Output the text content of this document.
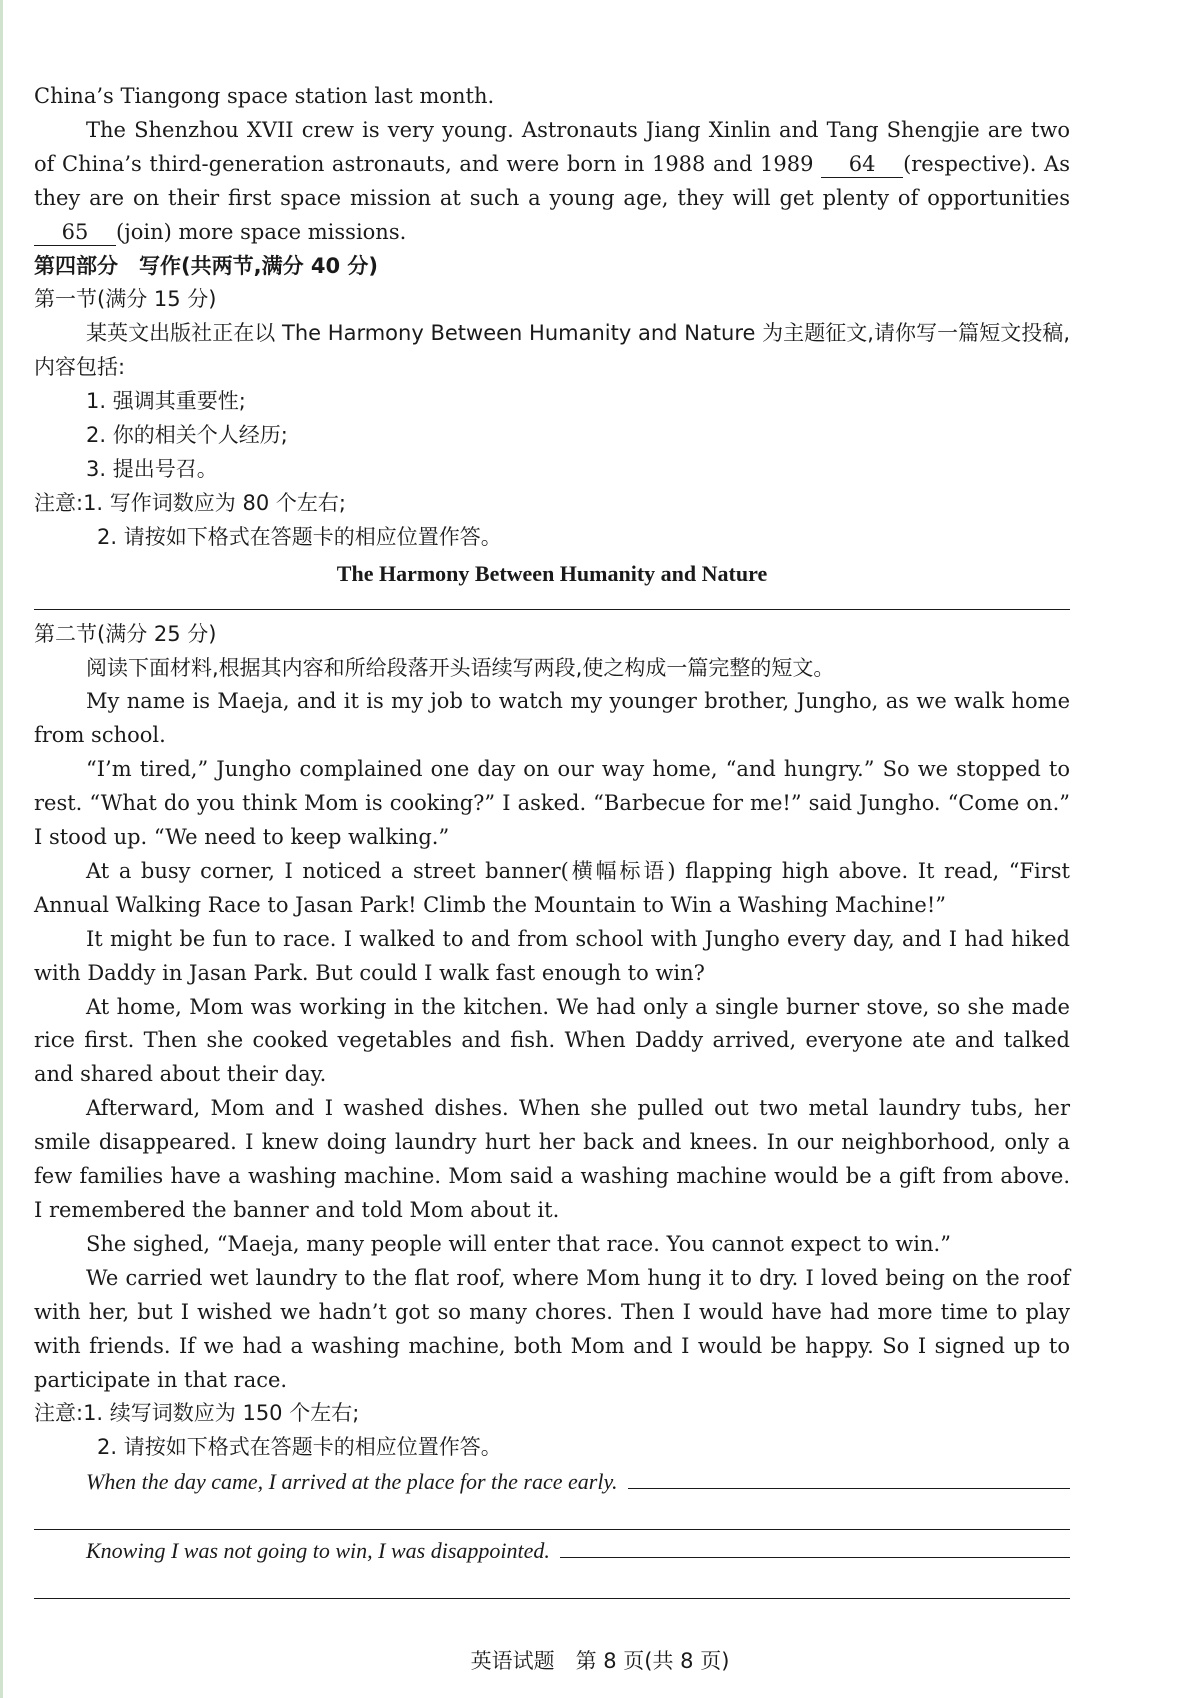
China’s Tiangong space station last month.

The Shenzhou XVII crew is very young. Astronauts Jiang Xinlin and Tang Shengjie are two of China’s third-generation astronauts, and were born in 1988 and 1989 64 (respective). As they are on their first space mission at such a young age, they will get plenty of opportunities 65 (join) more space missions.

第四部分　写作(共两节,满分 40 分)

第一节(满分 15 分)

某英文出版社正在以 The Harmony Between Humanity and Nature 为主题征文,请你写一篇短文投稿,内容包括:

1. 强调其重要性;

2. 你的相关个人经历;

3. 提出号召。

注意:1. 写作词数应为 80 个左右;

2. 请按如下格式在答题卡的相应位置作答。

The Harmony Between Humanity and Nature

第二节(满分 25 分)

阅读下面材料,根据其内容和所给段落开头语续写两段,使之构成一篇完整的短文。

My name is Maeja, and it is my job to watch my younger brother, Jungho, as we walk home from school.

“I’m tired,” Jungho complained one day on our way home, “and hungry.” So we stopped to rest. “What do you think Mom is cooking?” I asked. “Barbecue for me!” said Jungho. “Come on.” I stood up. “We need to keep walking.”

At a busy corner, I noticed a street banner(横幅标语) flapping high above. It read, “First Annual Walking Race to Jasan Park! Climb the Mountain to Win a Washing Machine!”

It might be fun to race. I walked to and from school with Jungho every day, and I had hiked with Daddy in Jasan Park. But could I walk fast enough to win?

At home, Mom was working in the kitchen. We had only a single burner stove, so she made rice first. Then she cooked vegetables and fish. When Daddy arrived, everyone ate and talked and shared about their day.

Afterward, Mom and I washed dishes. When she pulled out two metal laundry tubs, her smile disappeared. I knew doing laundry hurt her back and knees. In our neighborhood, only a few families have a washing machine. Mom said a washing machine would be a gift from above. I remembered the banner and told Mom about it.

She sighed, “Maeja, many people will enter that race. You cannot expect to win.”

We carried wet laundry to the flat roof, where Mom hung it to dry. I loved being on the roof with her, but I wished we hadn’t got so many chores. Then I would have had more time to play with friends. If we had a washing machine, both Mom and I would be happy. So I signed up to participate in that race.

注意:1. 续写词数应为 150 个左右;

2. 请按如下格式在答题卡的相应位置作答。

When the day came, I arrived at the place for the race early.
Knowing I was not going to win, I was disappointed.
英语试题　第 8 页(共 8 页)
